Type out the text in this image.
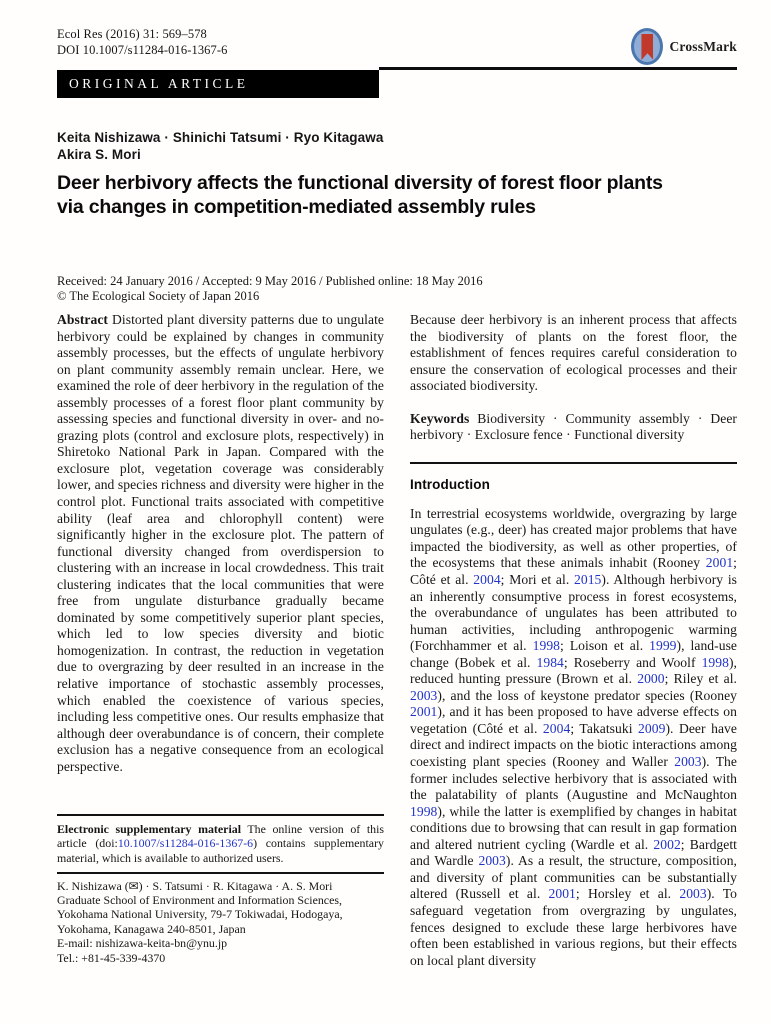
Ecol Res (2016) 31: 569–578
DOI 10.1007/s11284-016-1367-6	CrossMark
ORIGINAL ARTICLE
Keita Nishizawa · Shinichi Tatsumi · Ryo Kitagawa
Akira S. Mori
Deer herbivory affects the functional diversity of forest floor plants
via changes in competition-mediated assembly rules
Received: 24 January 2016 / Accepted: 9 May 2016 / Published online: 18 May 2016
© The Ecological Society of Japan 2016
Abstract Distorted plant diversity patterns due to ungulate herbivory could be explained by changes in community assembly processes, but the effects of ungulate herbivory on plant community assembly remain unclear. Here, we examined the role of deer herbivory in the regulation of the assembly processes of a forest floor plant community by assessing species and functional diversity in over- and no-grazing plots (control and exclosure plots, respectively) in Shiretoko National Park in Japan. Compared with the exclosure plot, vegetation coverage was considerably lower, and species richness and diversity were higher in the control plot. Functional traits associated with competitive ability (leaf area and chlorophyll content) were significantly higher in the exclosure plot. The pattern of functional diversity changed from overdispersion to clustering with an increase in local crowdedness. This trait clustering indicates that the local communities that were free from ungulate disturbance gradually became dominated by some competitively superior plant species, which led to low species diversity and biotic homogenization. In contrast, the reduction in vegetation due to overgrazing by deer resulted in an increase in the relative importance of stochastic assembly processes, which enabled the coexistence of various species, including less competitive ones. Our results emphasize that although deer overabundance is of concern, their complete exclusion has a negative consequence from an ecological perspective.
Electronic supplementary material The online version of this article (doi:10.1007/s11284-016-1367-6) contains supplementary material, which is available to authorized users.
K. Nishizawa (✉) · S. Tatsumi · R. Kitagawa · A. S. Mori
Graduate School of Environment and Information Sciences,
Yokohama National University, 79-7 Tokiwadai, Hodogaya,
Yokohama, Kanagawa 240-8501, Japan
E-mail: nishizawa-keita-bn@ynu.jp
Tel.: +81-45-339-4370
Because deer herbivory is an inherent process that affects the biodiversity of plants on the forest floor, the establishment of fences requires careful consideration to ensure the conservation of ecological processes and their associated biodiversity.
Keywords Biodiversity · Community assembly · Deer herbivory · Exclosure fence · Functional diversity
Introduction
In terrestrial ecosystems worldwide, overgrazing by large ungulates (e.g., deer) has created major problems that have impacted the biodiversity, as well as other properties, of the ecosystems that these animals inhabit (Rooney 2001; Côté et al. 2004; Mori et al. 2015). Although herbivory is an inherently consumptive process in forest ecosystems, the overabundance of ungulates has been attributed to human activities, including anthropogenic warming (Forchhammer et al. 1998; Loison et al. 1999), land-use change (Bobek et al. 1984; Roseberry and Woolf 1998), reduced hunting pressure (Brown et al. 2000; Riley et al. 2003), and the loss of keystone predator species (Rooney 2001), and it has been proposed to have adverse effects on vegetation (Côté et al. 2004; Takatsuki 2009). Deer have direct and indirect impacts on the biotic interactions among coexisting plant species (Rooney and Waller 2003). The former includes selective herbivory that is associated with the palatability of plants (Augustine and McNaughton 1998), while the latter is exemplified by changes in habitat conditions due to browsing that can result in gap formation and altered nutrient cycling (Wardle et al. 2002; Bardgett and Wardle 2003). As a result, the structure, composition, and diversity of plant communities can be substantially altered (Russell et al. 2001; Horsley et al. 2003). To safeguard vegetation from overgrazing by ungulates, fences designed to exclude these large herbivores have often been established in various regions, but their effects on local plant diversity
